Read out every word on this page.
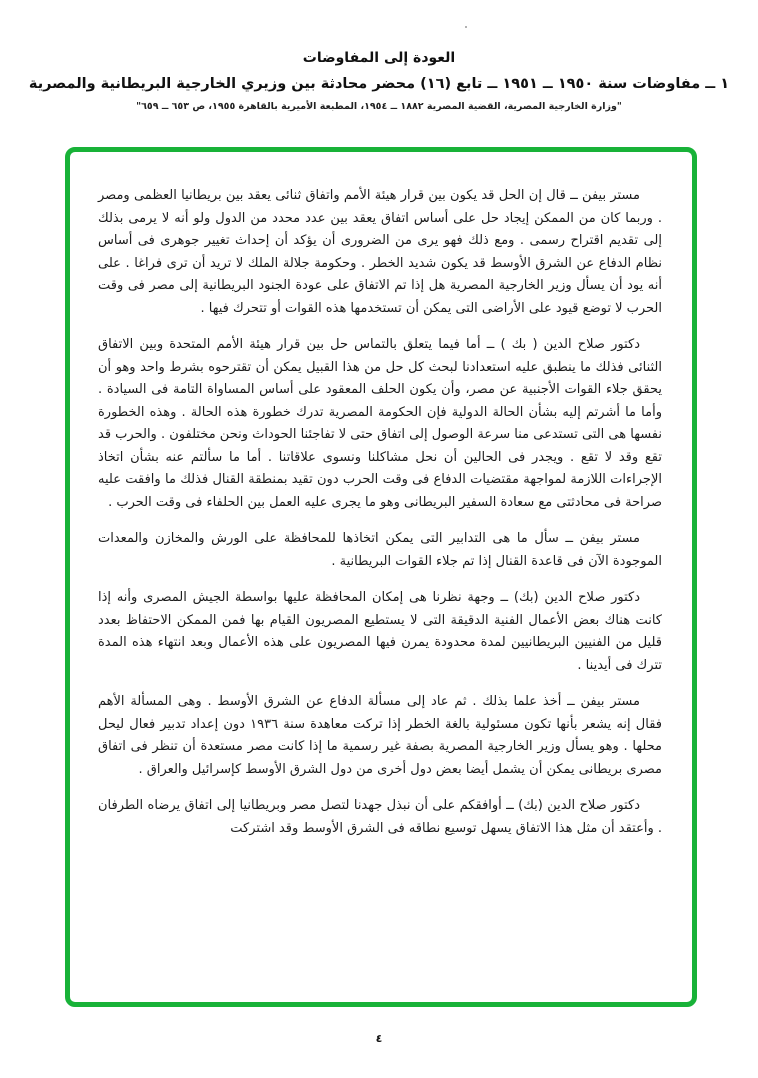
العودة إلى المفاوضات
١ ــ مفاوضات سنة ١٩٥٠ ــ ١٩٥١ ــ تابع (١٦) محضر محادثة بين وزيري الخارجية البريطانية والمصرية
"وزارة الخارجية المصرية، القضية المصرية ١٨٨٢ ــ ١٩٥٤، المطبعة الأميرية بالقاهرة ١٩٥٥، ص ٦٥٣ ــ ٦٥٩"

مستر بيفن ــ قال إن الحل قد يكون بين قرار هيئة الأمم واتفاق ثنائى يعقد بين بريطانيا العظمى ومصر . وربما كان من الممكن إيجاد حل على أساس اتفاق يعقد بين عدد محدد من الدول ولو أنه لا يرمى بذلك إلى تقديم اقتراح رسمى . ومع ذلك فهو يرى من الضرورى أن يؤكد أن إحداث تغيير جوهرى فى أساس نظام الدفاع عن الشرق الأوسط قد يكون شديد الخطر . وحكومة جلالة الملك لا تريد أن ترى فراغا . على أنه يود أن يسأل وزير الخارجية المصرية هل إذا تم الاتفاق على عودة الجنود البريطانية إلى مصر فى وقت الحرب لا توضع قيود على الأراضى التى يمكن أن تستخدمها هذه القوات أو تتحرك فيها .

دكتور صلاح الدين ( بك ) ــ أما فيما يتعلق بالتماس حل بين قرار هيئة الأمم المتحدة وبين الاتفاق الثنائى فذلك ما ينطبق عليه استعدادنا لبحث كل حل من هذا القبيل يمكن أن تقترحوه بشرط واحد وهو أن يحقق جلاء القوات الأجنبية عن مصر، وأن يكون الحلف المعقود على أساس المساواة التامة فى السيادة . وأما ما أشرتم إليه بشأن الحالة الدولية فإن الحكومة المصرية تدرك خطورة هذه الحالة . وهذه الخطورة نفسها هى التى تستدعى منا سرعة الوصول إلى اتفاق حتى لا تفاجئنا الحوداث ونحن مختلفون . والحرب قد تقع وقد لا تقع . ويجدر فى الحالين أن نحل مشاكلنا ونسوى علاقاتنا . أما ما سألتم عنه بشأن اتخاذ الإجراءات اللازمة لمواجهة مقتضيات الدفاع فى وقت الحرب دون تقيد بمنطقة القنال فذلك ما وافقت عليه صراحة فى محادثتى مع سعادة السفير البريطانى وهو ما يجرى عليه العمل بين الحلفاء فى وقت الحرب .

مستر بيفن ــ سأل ما هى التدابير التى يمكن اتخاذها للمحافظة على الورش والمخازن والمعدات الموجودة الآن فى قاعدة القنال إذا تم جلاء القوات البريطانية .

دكتور صلاح الدين (بك) ــ وجهة نظرنا هى إمكان المحافظة عليها بواسطة الجيش المصرى وأنه إذا كانت هناك بعض الأعمال الفنية الدقيقة التى لا يستطيع المصريون القيام بها فمن الممكن الاحتفاظ بعدد قليل من الفنيين البريطانيين لمدة محدودة يمرن فيها المصريون على هذه الأعمال وبعد انتهاء هذه المدة تترك فى أيدينا .

مستر بيفن ــ أخذ علما بذلك . ثم عاد إلى مسألة الدفاع عن الشرق الأوسط . وهى المسألة الأهم فقال إنه يشعر بأنها تكون مسئولية بالغة الخطر إذا تركت معاهدة سنة ١٩٣٦ دون إعداد تدبير فعال ليحل محلها . وهو يسأل وزير الخارجية المصرية بصفة غير رسمية ما إذا كانت مصر مستعدة أن تنظر فى اتفاق مصرى بريطانى يمكن أن يشمل أيضا بعض دول أخرى من دول الشرق الأوسط كإسرائيل والعراق .

دكتور صلاح الدين (بك) ــ أوافقكم على أن نبذل جهدنا لتصل مصر وبريطانيا إلى اتفاق يرضاه الطرفان . وأعتقد أن مثل هذا الاتفاق يسهل توسيع نطاقه فى الشرق الأوسط وقد اشتركت

٤
